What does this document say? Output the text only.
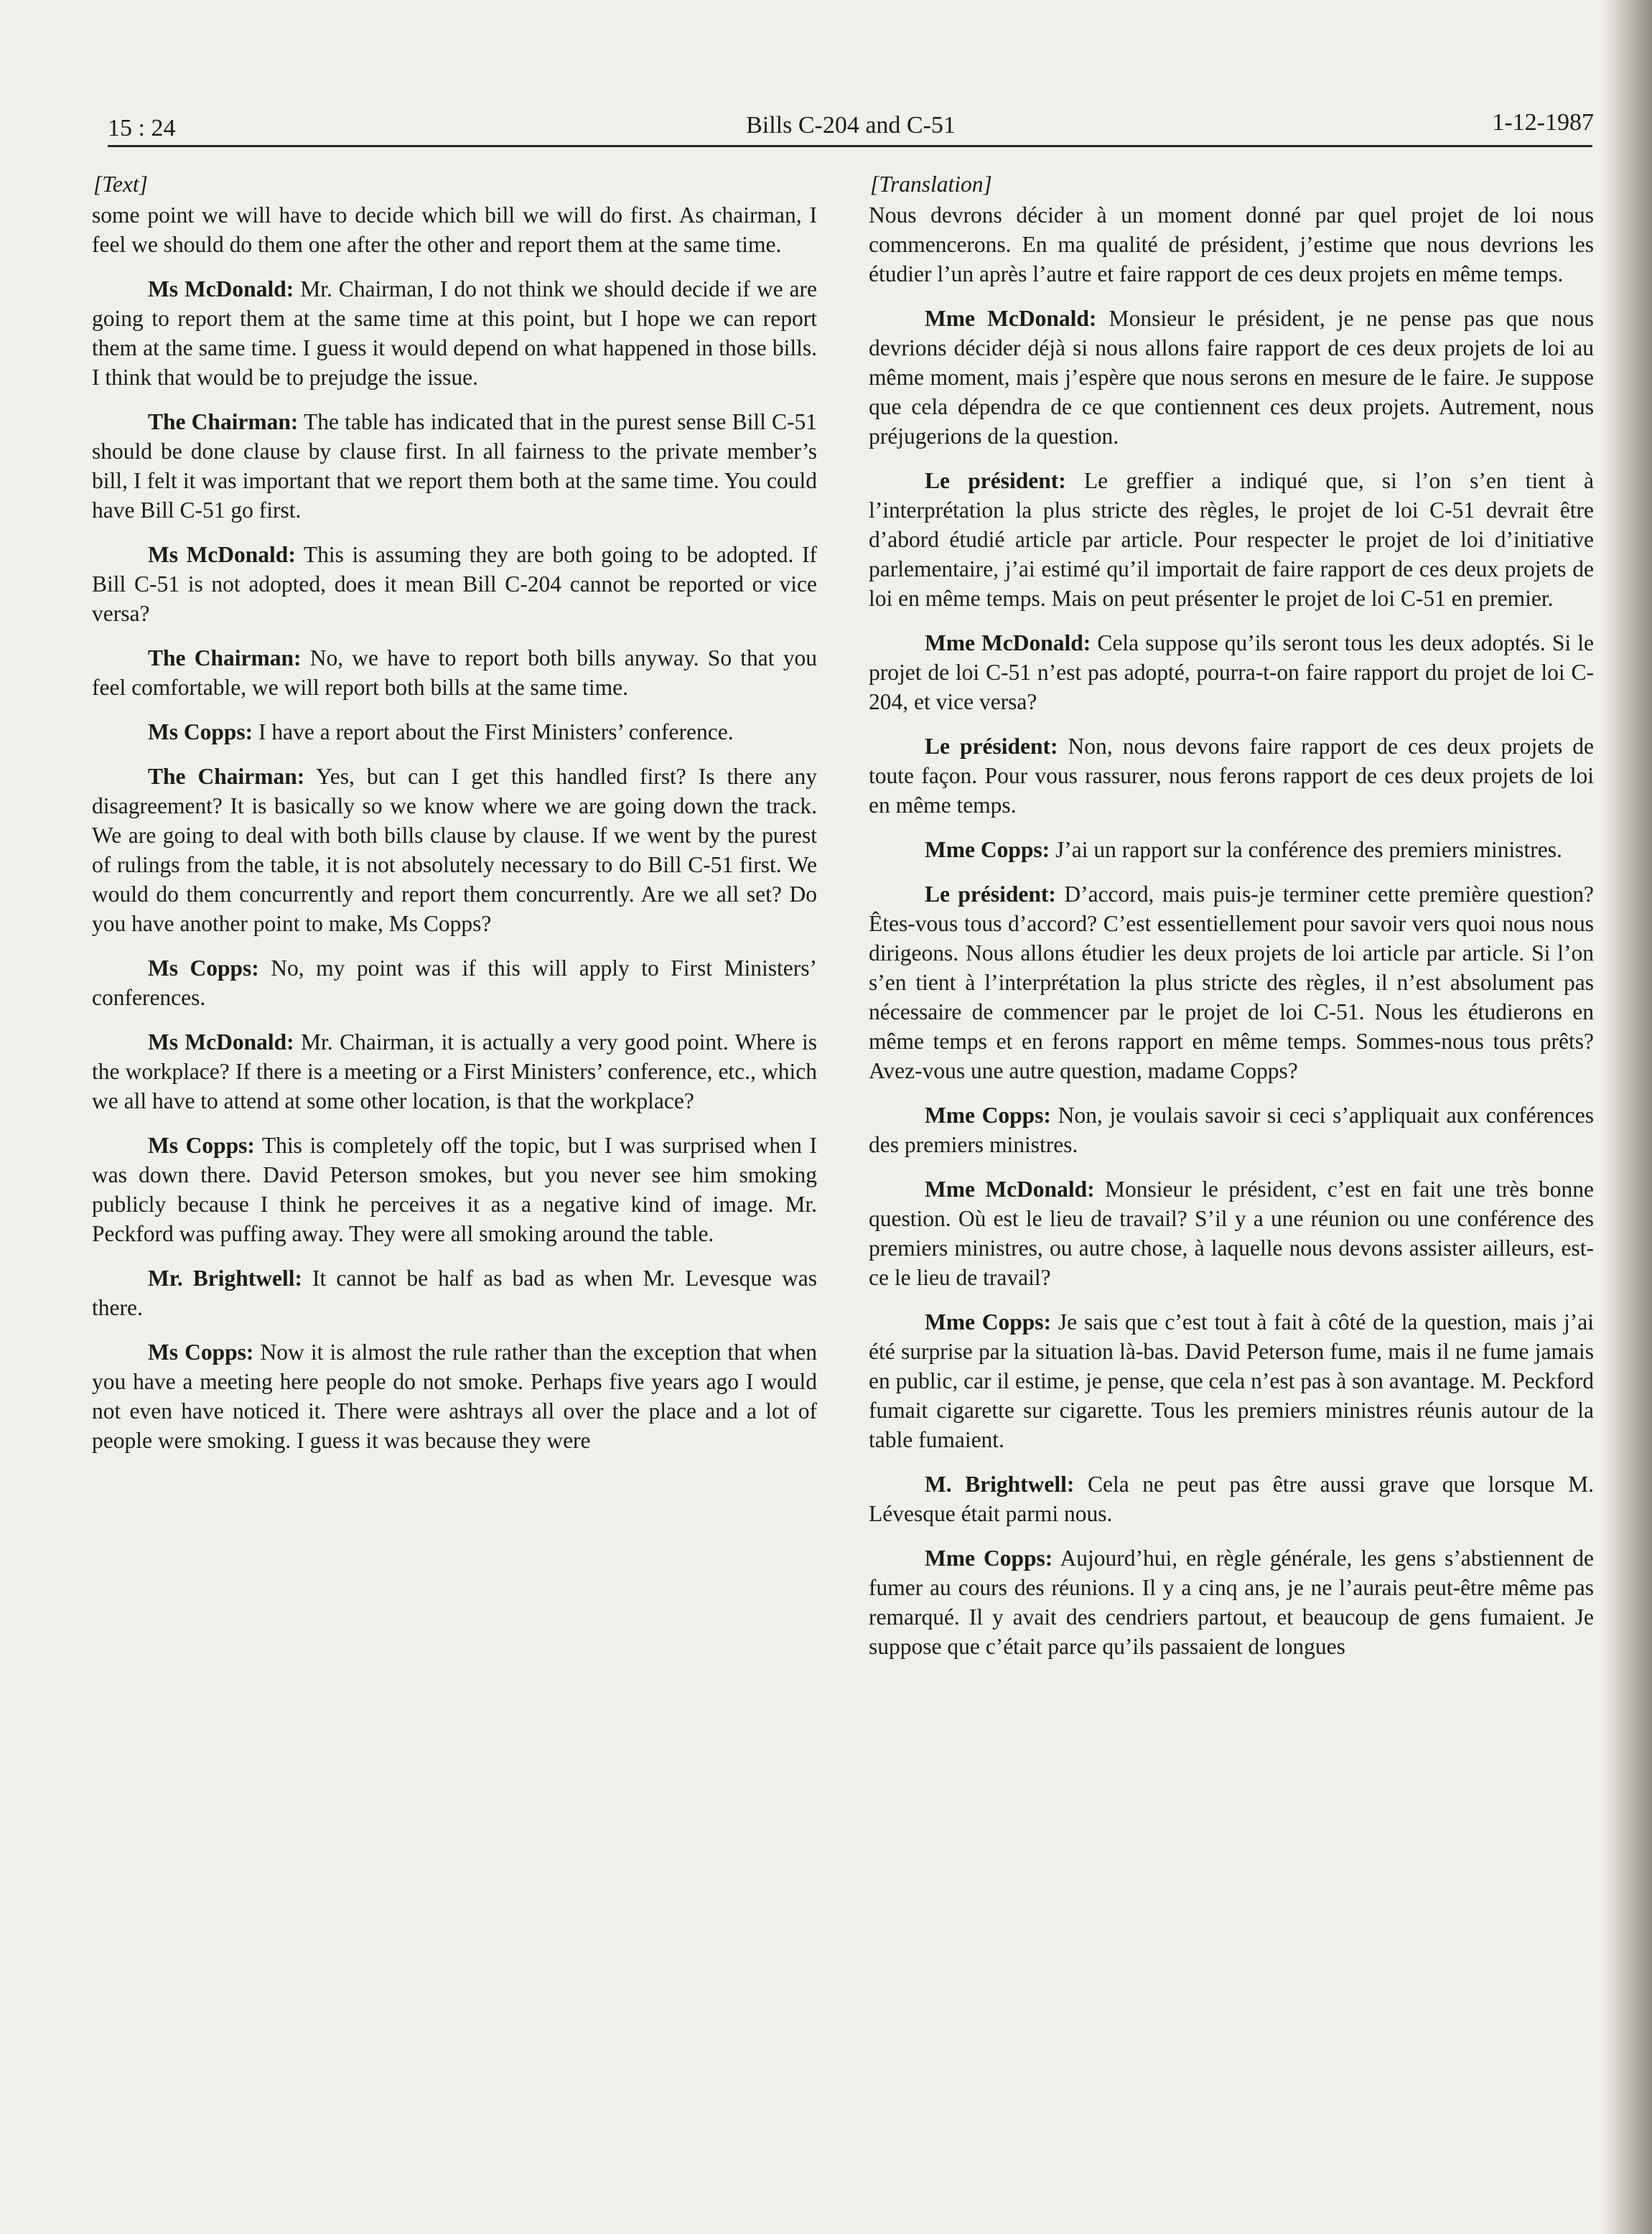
15 : 24	Bills C-204 and C-51	1-12-1987
[Text]

some point we will have to decide which bill we will do first. As chairman, I feel we should do them one after the other and report them at the same time.

Ms McDonald: Mr. Chairman, I do not think we should decide if we are going to report them at the same time at this point, but I hope we can report them at the same time. I guess it would depend on what happened in those bills. I think that would be to prejudge the issue.

The Chairman: The table has indicated that in the purest sense Bill C-51 should be done clause by clause first. In all fairness to the private member’s bill, I felt it was important that we report them both at the same time. You could have Bill C-51 go first.

Ms McDonald: This is assuming they are both going to be adopted. If Bill C-51 is not adopted, does it mean Bill C-204 cannot be reported or vice versa?

The Chairman: No, we have to report both bills anyway. So that you feel comfortable, we will report both bills at the same time.

Ms Copps: I have a report about the First Ministers’ conference.

The Chairman: Yes, but can I get this handled first? Is there any disagreement? It is basically so we know where we are going down the track. We are going to deal with both bills clause by clause. If we went by the purest of rulings from the table, it is not absolutely necessary to do Bill C-51 first. We would do them concurrently and report them concurrently. Are we all set? Do you have another point to make, Ms Copps?

Ms Copps: No, my point was if this will apply to First Ministers’ conferences.

Ms McDonald: Mr. Chairman, it is actually a very good point. Where is the workplace? If there is a meeting or a First Ministers’ conference, etc., which we all have to attend at some other location, is that the workplace?

Ms Copps: This is completely off the topic, but I was surprised when I was down there. David Peterson smokes, but you never see him smoking publicly because I think he perceives it as a negative kind of image. Mr. Peckford was puffing away. They were all smoking around the table.

Mr. Brightwell: It cannot be half as bad as when Mr. Levesque was there.

Ms Copps: Now it is almost the rule rather than the exception that when you have a meeting here people do not smoke. Perhaps five years ago I would not even have noticed it. There were ashtrays all over the place and a lot of people were smoking. I guess it was because they were

[Translation]

Nous devrons décider à un moment donné par quel projet de loi nous commencerons. En ma qualité de président, j’estime que nous devrions les étudier l’un après l’autre et faire rapport de ces deux projets en même temps.

Mme McDonald: Monsieur le président, je ne pense pas que nous devrions décider déjà si nous allons faire rapport de ces deux projets de loi au même moment, mais j’espère que nous serons en mesure de le faire. Je suppose que cela dépendra de ce que contiennent ces deux projets. Autrement, nous préjugerions de la question.

Le président: Le greffier a indiqué que, si l’on s’en tient à l’interprétation la plus stricte des règles, le projet de loi C-51 devrait être d’abord étudié article par article. Pour respecter le projet de loi d’initiative parlementaire, j’ai estimé qu’il importait de faire rapport de ces deux projets de loi en même temps. Mais on peut présenter le projet de loi C-51 en premier.

Mme McDonald: Cela suppose qu’ils seront tous les deux adoptés. Si le projet de loi C-51 n’est pas adopté, pourra-t-on faire rapport du projet de loi C-204, et vice versa?

Le président: Non, nous devons faire rapport de ces deux projets de toute façon. Pour vous rassurer, nous ferons rapport de ces deux projets de loi en même temps.

Mme Copps: J’ai un rapport sur la conférence des premiers ministres.

Le président: D’accord, mais puis-je terminer cette première question? Êtes-vous tous d’accord? C’est essentiellement pour savoir vers quoi nous nous dirigeons. Nous allons étudier les deux projets de loi article par article. Si l’on s’en tient à l’interprétation la plus stricte des règles, il n’est absolument pas nécessaire de commencer par le projet de loi C-51. Nous les étudierons en même temps et en ferons rapport en même temps. Sommes-nous tous prêts? Avez-vous une autre question, madame Copps?

Mme Copps: Non, je voulais savoir si ceci s’appliquait aux conférences des premiers ministres.

Mme McDonald: Monsieur le président, c’est en fait une très bonne question. Où est le lieu de travail? S’il y a une réunion ou une conférence des premiers ministres, ou autre chose, à laquelle nous devons assister ailleurs, est-ce le lieu de travail?

Mme Copps: Je sais que c’est tout à fait à côté de la question, mais j’ai été surprise par la situation là-bas. David Peterson fume, mais il ne fume jamais en public, car il estime, je pense, que cela n’est pas à son avantage. M. Peckford fumait cigarette sur cigarette. Tous les premiers ministres réunis autour de la table fumaient.

M. Brightwell: Cela ne peut pas être aussi grave que lorsque M. Lévesque était parmi nous.

Mme Copps: Aujourd’hui, en règle générale, les gens s’abstiennent de fumer au cours des réunions. Il y a cinq ans, je ne l’aurais peut-être même pas remarqué. Il y avait des cendriers partout, et beaucoup de gens fumaient. Je suppose que c’était parce qu’ils passaient de longues
